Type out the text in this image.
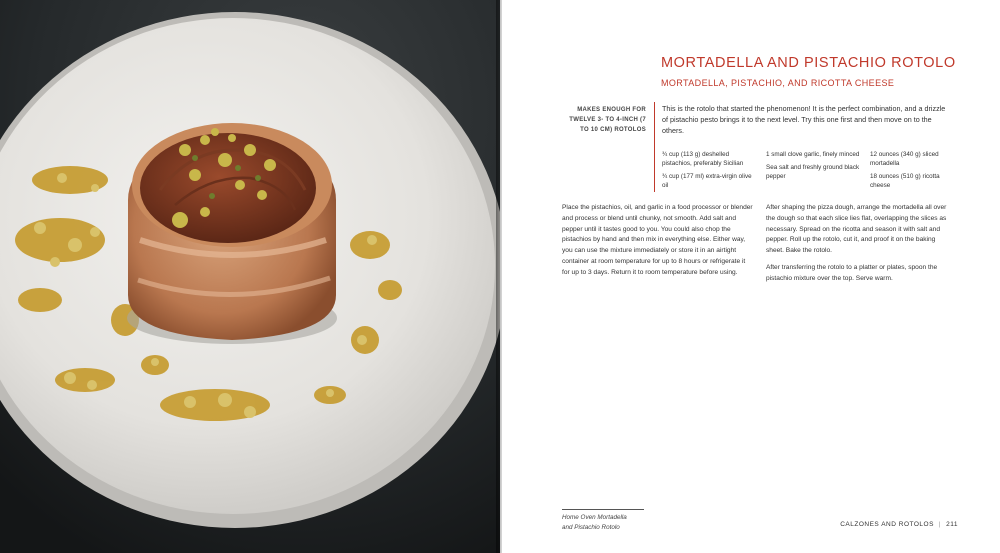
MORTADELLA AND PISTACHIO ROTOLO
MORTADELLA, PISTACHIO, AND RICOTTA CHEESE
MAKES ENOUGH FOR TWELVE 3- TO 4-INCH (7 TO 10 CM) ROTOLOS

This is the rotolo that started the phenomenon! It is the perfect combination, and a drizzle of pistachio pesto brings it to the next level. Try this one first and then move on to the others.

¾ cup (113 g) deshelled pistachios, preferably Sicilian

¾ cup (177 ml) extra-virgin olive oil

1 small clove garlic, finely minced

Sea salt and freshly ground black pepper

12 ounces (340 g) sliced mortadella

18 ounces (510 g) ricotta cheese

Place the pistachios, oil, and garlic in a food processor or blender and process or blend until chunky, not smooth. Add salt and pepper until it tastes good to you. You could also chop the pistachios by hand and then mix in everything else. Either way, you can use the mixture immediately or store it in an airtight container at room temperature for up to 8 hours or refrigerate it for up to 3 days. Return it to room temperature before using.

After shaping the pizza dough, arrange the mortadella all over the dough so that each slice lies flat, overlapping the slices as necessary. Spread on the ricotta and season it with salt and pepper. Roll up the rotolo, cut it, and proof it on the baking sheet. Bake the rotolo.

After transferring the rotolo to a platter or plates, spoon the pistachio mixture over the top. Serve warm.

Home Oven Mortadella
and Pistachio Rotolo	CALZONES AND ROTOLOS | 211
